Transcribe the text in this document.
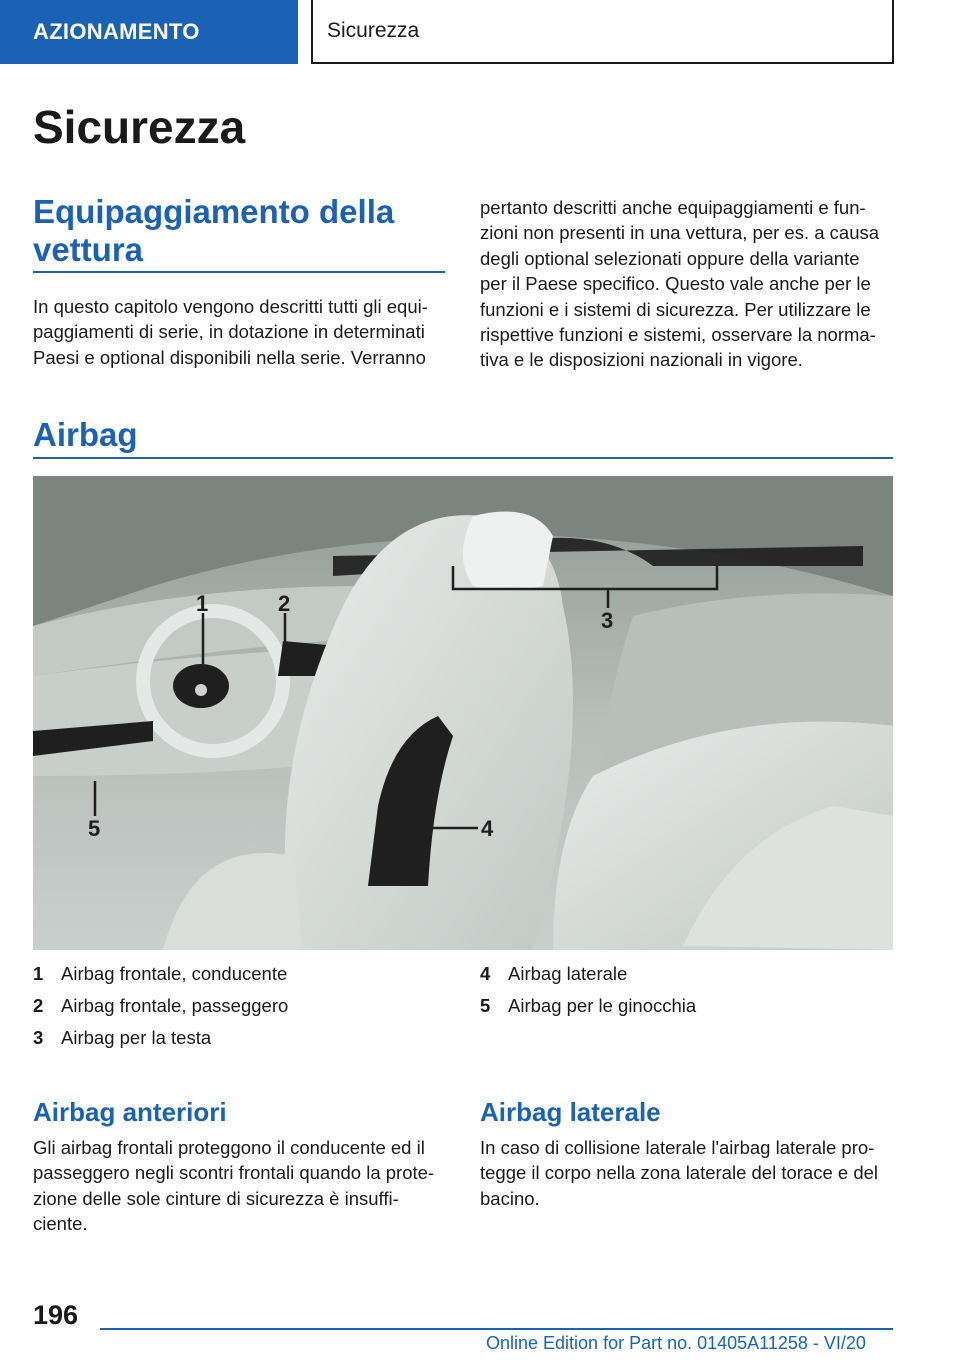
AZIONAMENTO	Sicurezza
Sicurezza
Equipaggiamento della vettura

In questo capitolo vengono descritti tutti gli equi-
paggiamenti di serie, in dotazione in determinati
Paesi e optional disponibili nella serie. Verranno

pertanto descritti anche equipaggiamenti e fun-
zioni non presenti in una vettura, per es. a causa
degli optional selezionati oppure della variante
per il Paese specifico. Questo vale anche per le
funzioni e i sistemi di sicurezza. Per utilizzare le
rispettive funzioni e sistemi, osservare la norma-
tiva e le disposizioni nazionali in vigore.

Airbag
1	2
3
4
5
1 Airbag frontale, conducente
2 Airbag frontale, passeggero
3 Airbag per la testa
4 Airbag laterale
5 Airbag per le ginocchia
Airbag anteriori

Gli airbag frontali proteggono il conducente ed il
passeggero negli scontri frontali quando la prote-
zione delle sole cinture di sicurezza è insuffi-
ciente.

Airbag laterale

In caso di collisione laterale l'airbag laterale pro-
tegge il corpo nella zona laterale del torace e del
bacino.

196
Online Edition for Part no. 01405A11258 - VI/20
